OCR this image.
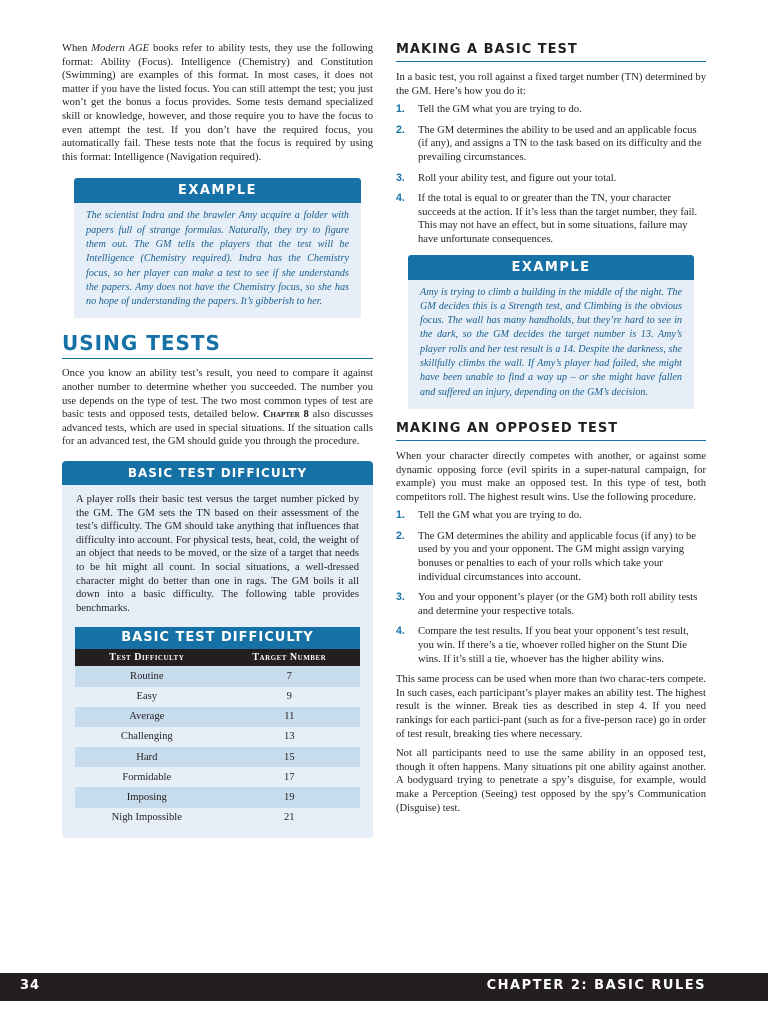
When Modern AGE books refer to ability tests, they use the following format: Ability (Focus). Intelligence (Chemistry) and Constitution (Swimming) are examples of this format. In most cases, it does not matter if you have the listed focus. You can still attempt the test; you just won’t get the bonus a focus provides. Some tests demand specialized skill or knowledge, however, and those require you to have the focus to even attempt the test. If you don’t have the required focus, you automatically fail. These tests note that the focus is required by using this format: Intelligence (Navigation required).

EXAMPLE
The scientist Indra and the brawler Amy acquire a folder with papers full of strange formulas. Naturally, they try to figure them out. The GM tells the players that the test will be Intelligence (Chemistry required). Indra has the Chemistry focus, so her player can make a test to see if she understands the papers. Amy does not have the Chemistry focus, so she has no hope of understanding the papers. It’s gibberish to her.
USING TESTS

Once you know an ability test’s result, you need to compare it against another number to determine whether you succeeded. The number you use depends on the type of test. The two most common types of test are basic tests and opposed tests, detailed below. Chapter 8 also discusses advanced tests, which are used in special situations. If the situation calls for an advanced test, the GM should guide you through the procedure.

BASIC TEST DIFFICULTY

A player rolls their basic test versus the target number picked by the GM. The GM sets the TN based on their assessment of the test’s difficulty. The GM should take anything that influences that difficulty into account. For physical tests, heat, cold, the weight of an object that needs to be moved, or the size of a target that needs to be hit might all count. In social situations, a well-dressed character might do better than one in rags. The GM boils it all down into a basic difficulty. The following table provides benchmarks.

BASIC TEST DIFFICULTY
Test Difficulty	Target Number
Routine	7
Easy	9
Average	11
Challenging	13
Hard	15
Formidable	17
Imposing	19
Nigh Impossible	21
MAKING A BASIC TEST

In a basic test, you roll against a fixed target number (TN) determined by the GM. Here’s how you do it:

1. Tell the GM what you are trying to do.
2. The GM determines the ability to be used and an applicable focus (if any), and assigns a TN to the task based on its difficulty and the prevailing circumstances.
3. Roll your ability test, and figure out your total.
4. If the total is equal to or greater than the TN, your character succeeds at the action. If it’s less than the target number, they fail. This may not have an effect, but in some situations, failure may have unfortunate consequences.
EXAMPLE
Amy is trying to climb a building in the middle of the night. The GM decides this is a Strength test, and Climbing is the obvious focus. The wall has many handholds, but they’re hard to see in the dark, so the GM decides the target number is 13. Amy’s player rolls and her test result is a 14. Despite the darkness, she skillfully climbs the wall. If Amy’s player had failed, she might have been unable to find a way up – or she might have fallen and suffered an injury, depending on the GM’s decision.
MAKING AN OPPOSED TEST

When your character directly competes with another, or against some dynamic opposing force (evil spirits in a super-natural campaign, for example) you must make an opposed test. In this type of test, both competitors roll. The highest result wins. Use the following procedure.

1. Tell the GM what you are trying to do.
2. The GM determines the ability and applicable focus (if any) to be used by you and your opponent. The GM might assign varying bonuses or penalties to each of your rolls which take your individual circumstances into account.
3. You and your opponent’s player (or the GM) both roll ability tests and determine your respective totals.
4. Compare the test results. If you beat your opponent’s test result, you win. If there’s a tie, whoever rolled higher on the Stunt Die wins. If it’s still a tie, whoever has the higher ability wins.

This same process can be used when more than two charac-ters compete. In such cases, each participant’s player makes an ability test. The highest result is the winner. Break ties as described in step 4. If you need rankings for each partici-pant (such as for a five-person race) go in order of test result, breaking ties where necessary.

Not all participants need to use the same ability in an opposed test, though it often happens. Many situations pit one ability against another. A bodyguard trying to penetrate a spy’s disguise, for example, would make a Perception (Seeing) test opposed by the spy’s Communication (Disguise) test.

34	CHAPTER 2: BASIC RULES
